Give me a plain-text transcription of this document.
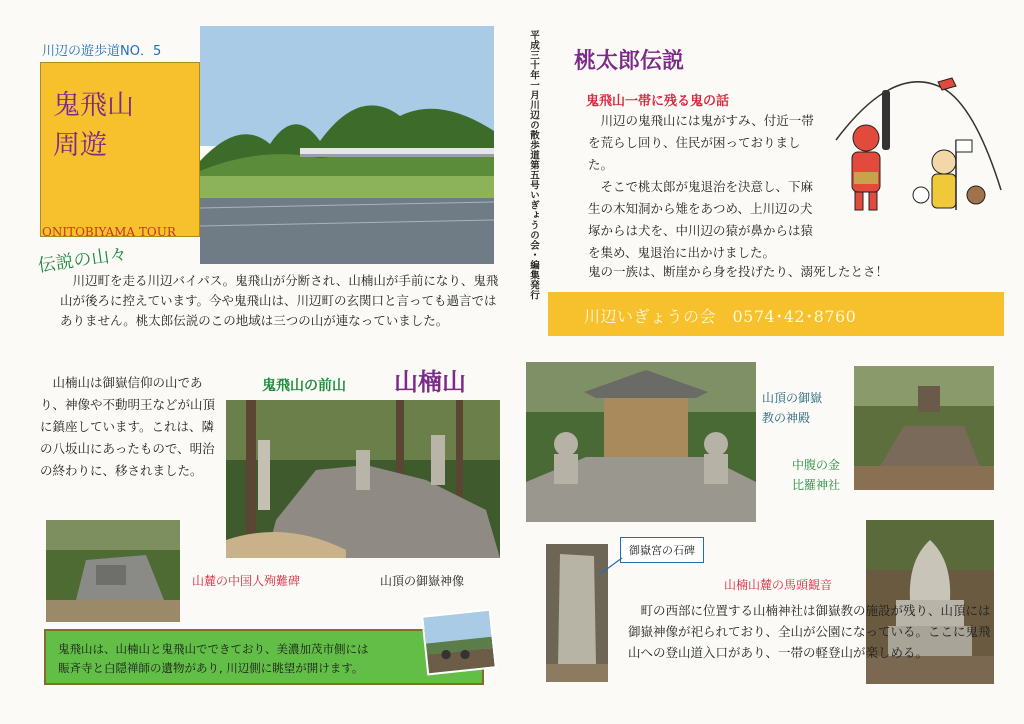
川辺の遊歩道NO．5
鬼飛山
周遊
ONITOBIYAMA TOUR
伝説の山々

川辺町を走る川辺バイパス。鬼飛山が分断され、山楠山が手前になり、鬼飛山が後ろに控えています。今や鬼飛山は、川辺町の玄関口と言っても過言ではありません。桃太郎伝説のこの地域は三つの山が連なっていました。

平成三十年一月川辺の散歩道第五号いぎょうの会・編集発行 桃太郎伝説
鬼飛山一帯に残る鬼の話

川辺の鬼飛山には鬼がすみ、付近一帯を荒らし回り、住民が困っておりました。

そこで桃太郎が鬼退治を決意し、下麻生の木知洞から雉をあつめ、上川辺の犬塚からは犬を、中川辺の猿が鼻からは猿を集め、鬼退治に出かけました。

鬼の一族は、断崖から身を投げたり、溺死したとさ！
川辺いぎょうの会　0574･42･8760

山楠山は御嶽信仰の山であり、神像や不動明王などが山頂に鎮座しています。これは、隣の八坂山にあったもので、明治の終わりに、移されました。

鬼飛山の前山 山楠山
山麓の中国人殉難碑	山頂の御嶽神像
鬼飛山は、山楠山と鬼飛山でできており、美濃加茂市側には
賑斉寺と白隠禅師の遺物があり, 川辺側に眺望が開けます。
山頂の御嶽
教の神殿
中腹の金
比羅神社
御嶽宮の石碑
山楠山麓の馬頭観音

町の西部に位置する山楠神社は御嶽教の施設が残り、山頂には御嶽神像が祀られており、全山が公園になっている。ここに鬼飛山への登山道入口があり、一帯の軽登山が楽しめる。
